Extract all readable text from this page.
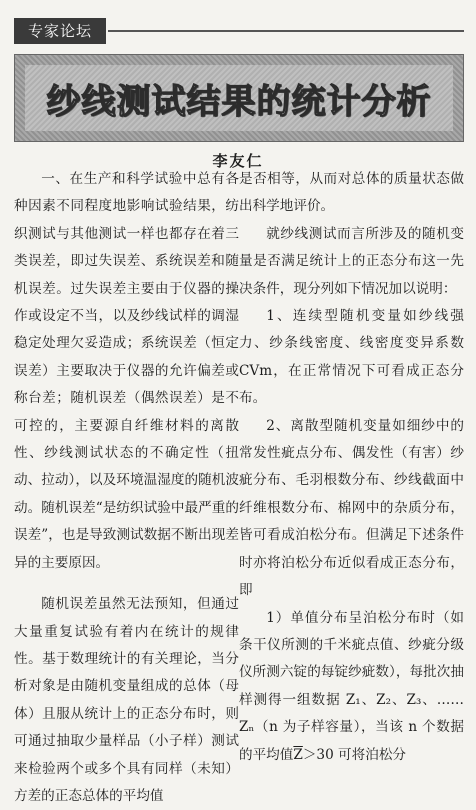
专家论坛
纱线测试结果的统计分析
李友仁

一、在生产和科学试验中总有各种因素不同程度地影响试验结果，纺织测试与其他测试一样也都存在着三类误差，即过失误差、系统误差和随机误差。过失误差主要由于仪器的操作或设定不当，以及纱线试样的调湿稳定处理欠妥造成；系统误差（恒定误差）主要取决于仪器的允许偏差或称台差；随机误差（偶然误差）是不可控的，主要源自纤维材料的离散性、纱线测试状态的不确定性（扭动、拉动），以及环境温湿度的随机波动。随机误差“是纺织试验中最严重的误差”，也是导致测试数据不断出现差异的主要原因。

随机误差虽然无法预知，但通过大量重复试验有着内在统计的规律性。基于数理统计的有关理论，当分析对象是由随机变量组成的总体（母体）且服从统计上的正态分布时，则可通过抽取少量样品（小子样）测试来检验两个或多个具有同样（未知）方差的正态总体的平均值

是否相等，从而对总体的质量状态做出科学地评价。

就纱线测试而言所涉及的随机变量是否满足统计上的正态分布这一先决条件，现分列如下情况加以说明：

1、连续型随机变量如纱线强力、纱条线密度、线密度变异系数CVm，在正常情况下可看成正态分布。

2、离散型随机变量如细纱中的常发性疵点分布、偶发性（有害）纱疵分布、毛羽根数分布、纱线截面中纤维根数分布、棉网中的杂质分布，皆可看成泊松分布。但满足下述条件时亦将泊松分布近似看成正态分布，即

1）单值分布呈泊松分布时（如条干仪所测的千米疵点值、纱疵分级仪所测六锭的每锭纱疵数），每批次抽样测得一组数据 Z₁、Z₂、Z₃、……Zₙ（n 为子样容量），当该 n 个数据的平均值$\overline{Z}>30$ 可将泊松分
